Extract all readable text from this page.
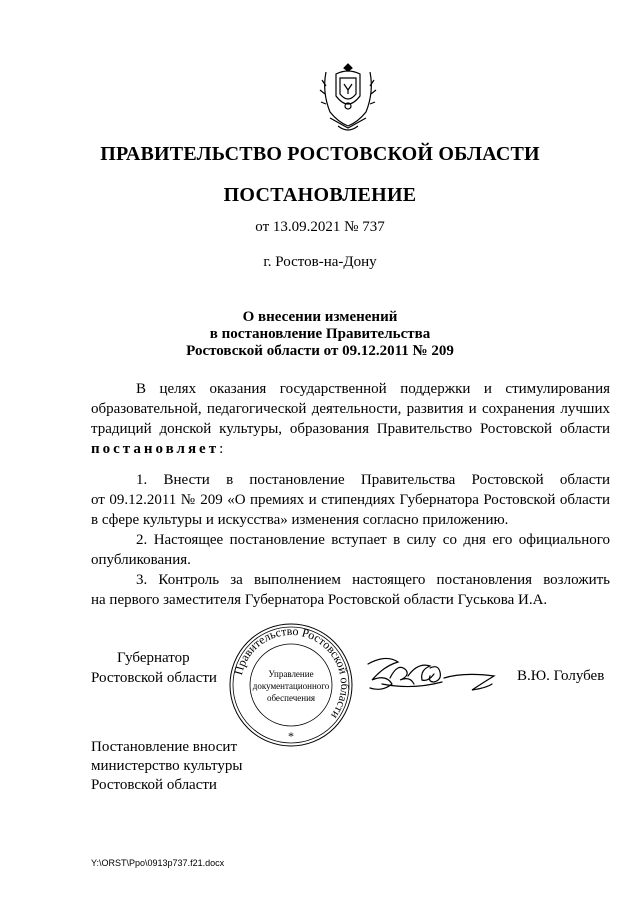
ПРАВИТЕЛЬСТВО РОСТОВСКОЙ ОБЛАСТИ
ПОСТАНОВЛЕНИЕ
от 13.09.2021 № 737
г. Ростов-на-Дону
О внесении изменений
в постановление Правительства
Ростовской области от 09.12.2011 № 209
В целях оказания государственной поддержки и стимулирования
образовательной, педагогической деятельности, развития и сохранения лучших
традиций донской культуры, образования Правительство Ростовской области
постановляет:
1. Внести в постановление Правительства Ростовской области
от 09.12.2011 № 209 «О премиях и стипендиях Губернатора Ростовской области
в сфере культуры и искусства» изменения согласно приложению.
2. Настоящее постановление вступает в силу со дня его официального
опубликования.
3. Контроль за выполнением настоящего постановления возложить
на первого заместителя Губернатора Ростовской области Гуськова И.А.
Правительство Ростовской области
Управление
документационного
обеспечения
*
Губернатор
Ростовской области	В.Ю. Голубев
Постановление вносит
министерство культуры
Ростовской области
Y:\ORST\Ppo\0913p737.f21.docx
